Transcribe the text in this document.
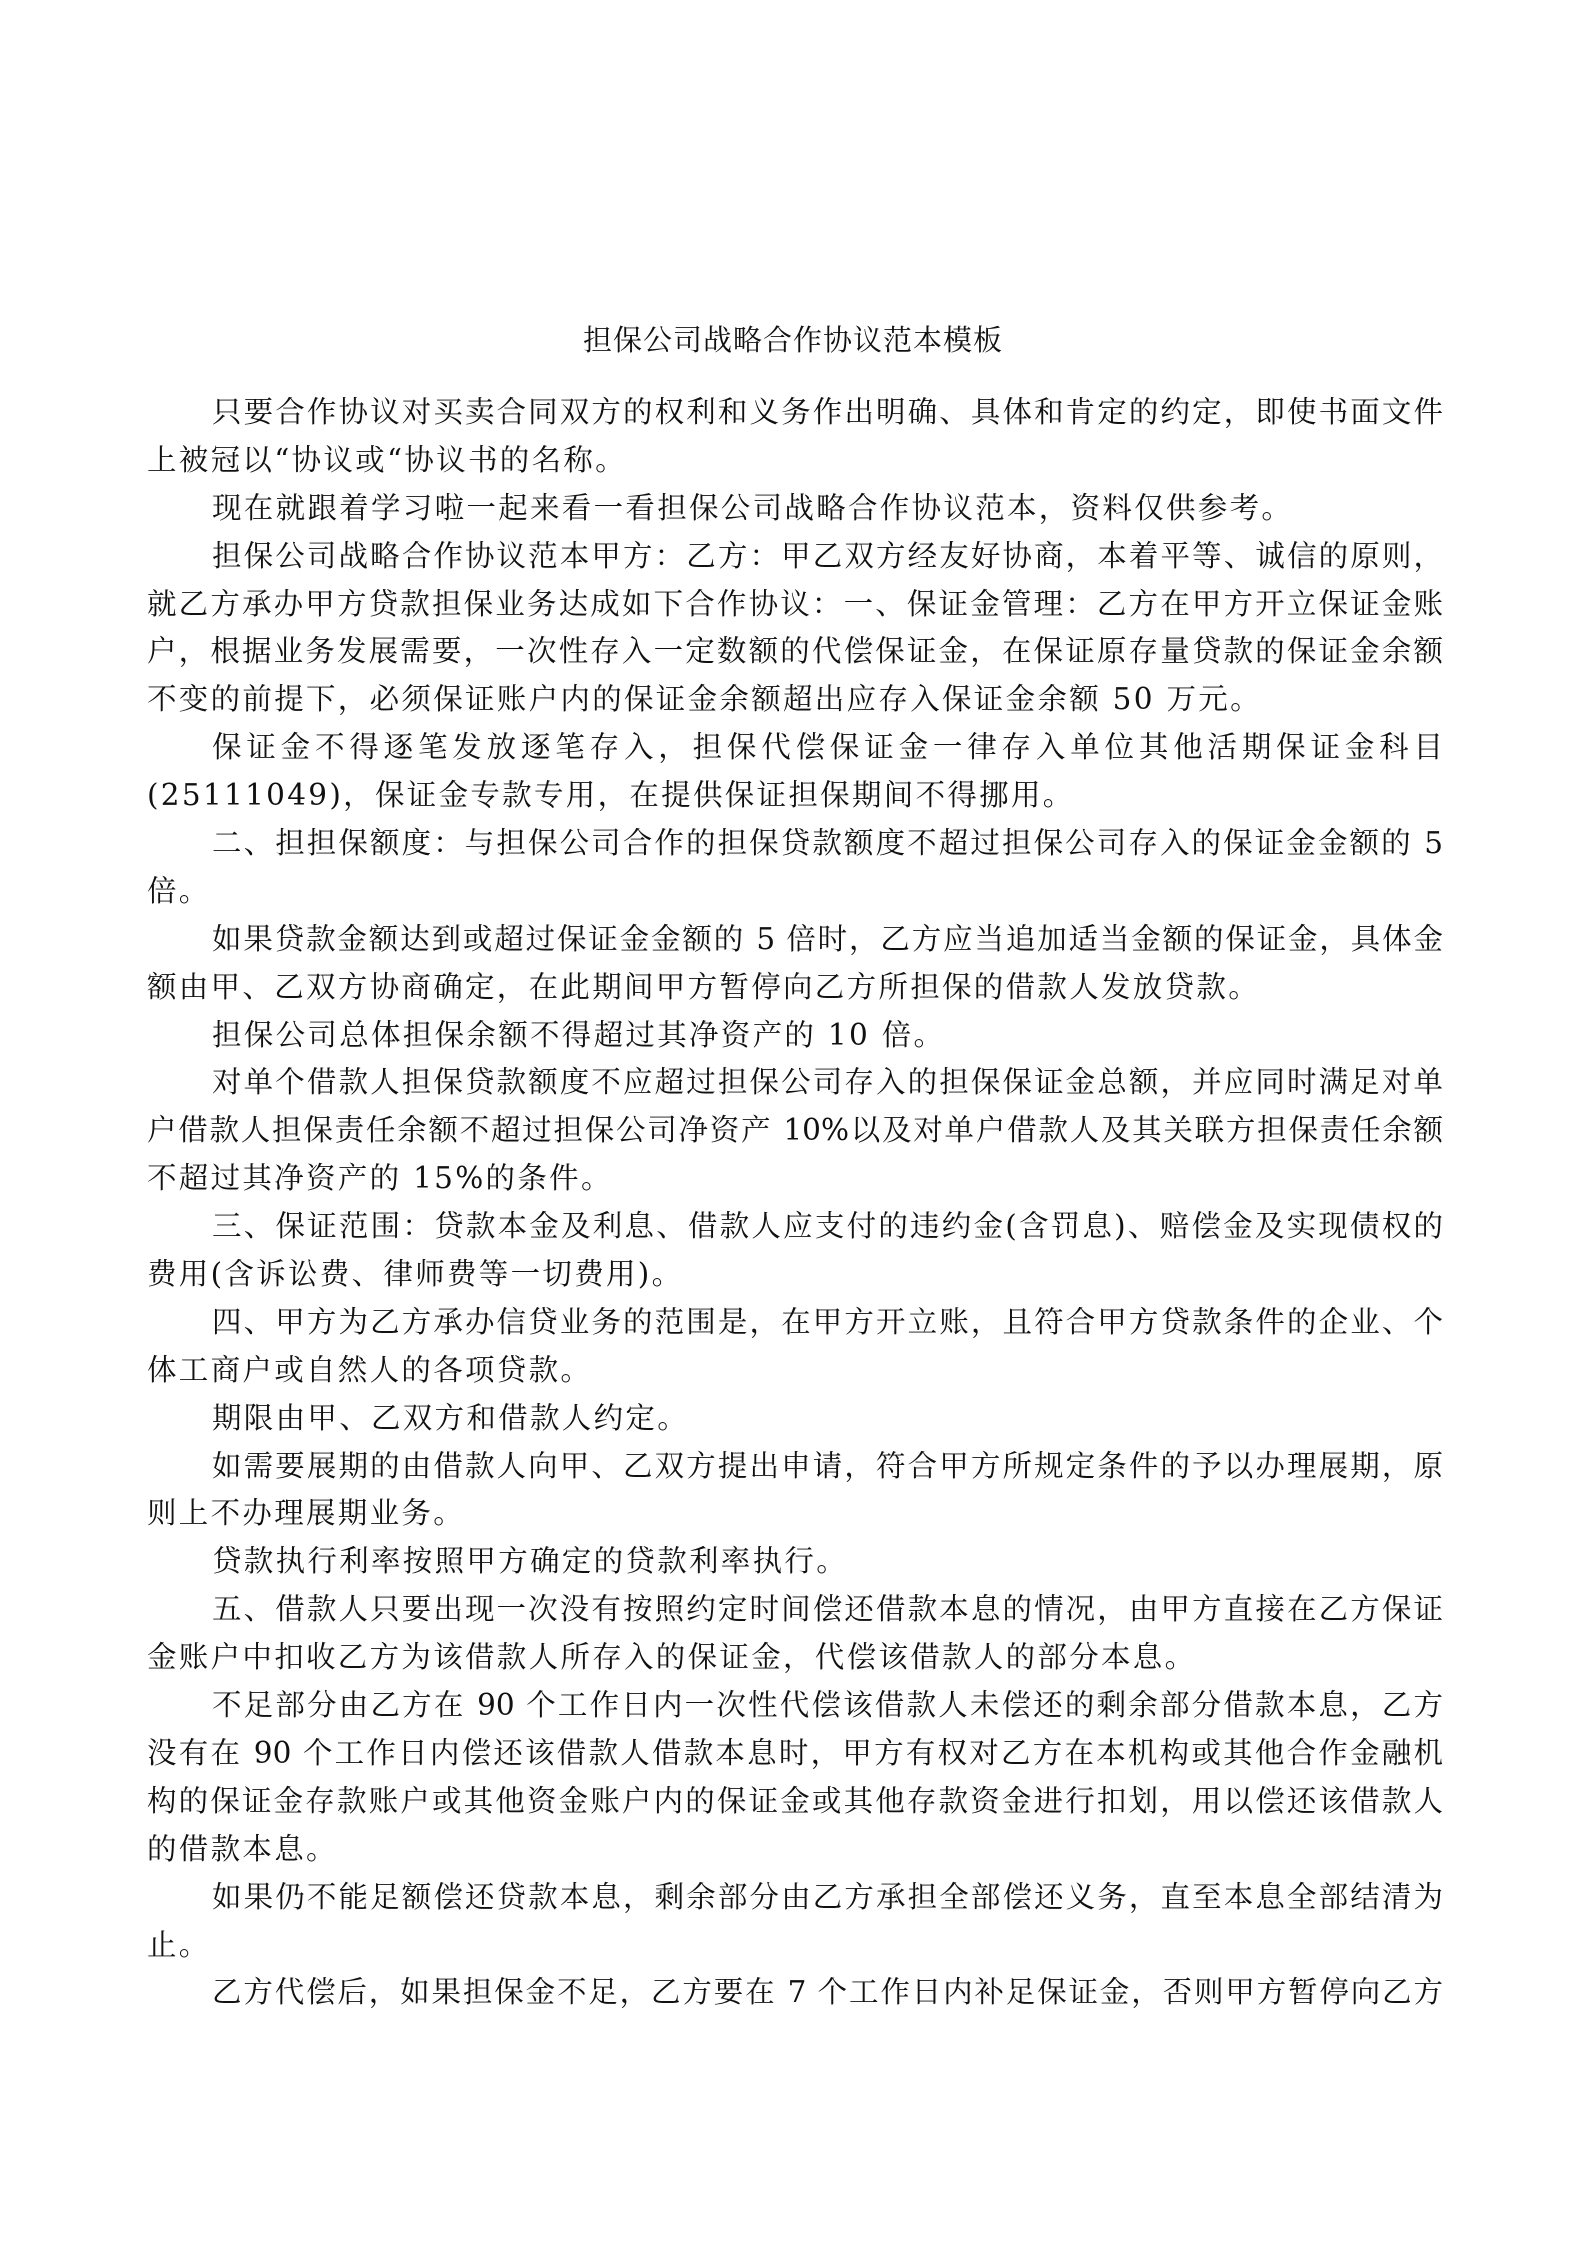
担保公司战略合作协议范本模板
只要合作协议对买卖合同双方的权利和义务作出明确、具体和肯定的约定，即使书面文件
上被冠以“协议或“协议书的名称。
现在就跟着学习啦一起来看一看担保公司战略合作协议范本，资料仅供参考。
担保公司战略合作协议范本甲方：乙方：甲乙双方经友好协商，本着平等、诚信的原则，
就乙方承办甲方贷款担保业务达成如下合作协议：一、保证金管理：乙方在甲方开立保证金账
户，根据业务发展需要，一次性存入一定数额的代偿保证金，在保证原存量贷款的保证金余额
不变的前提下，必须保证账户内的保证金余额超出应存入保证金余额 50 万元。
保证金不得逐笔发放逐笔存入，担保代偿保证金一律存入单位其他活期保证金科目
(25111049)，保证金专款专用，在提供保证担保期间不得挪用。
二、担担保额度：与担保公司合作的担保贷款额度不超过担保公司存入的保证金金额的 5
倍。
如果贷款金额达到或超过保证金金额的 5 倍时，乙方应当追加适当金额的保证金，具体金
额由甲、乙双方协商确定，在此期间甲方暂停向乙方所担保的借款人发放贷款。
担保公司总体担保余额不得超过其净资产的 10 倍。
对单个借款人担保贷款额度不应超过担保公司存入的担保保证金总额，并应同时满足对单
户借款人担保责任余额不超过担保公司净资产 10%以及对单户借款人及其关联方担保责任余额
不超过其净资产的 15%的条件。
三、保证范围：贷款本金及利息、借款人应支付的违约金(含罚息)、赔偿金及实现债权的
费用(含诉讼费、律师费等一切费用)。
四、甲方为乙方承办信贷业务的范围是，在甲方开立账，且符合甲方贷款条件的企业、个
体工商户或自然人的各项贷款。
期限由甲、乙双方和借款人约定。
如需要展期的由借款人向甲、乙双方提出申请，符合甲方所规定条件的予以办理展期，原
则上不办理展期业务。
贷款执行利率按照甲方确定的贷款利率执行。
五、借款人只要出现一次没有按照约定时间偿还借款本息的情况，由甲方直接在乙方保证
金账户中扣收乙方为该借款人所存入的保证金，代偿该借款人的部分本息。
不足部分由乙方在 90 个工作日内一次性代偿该借款人未偿还的剩余部分借款本息，乙方
没有在 90 个工作日内偿还该借款人借款本息时，甲方有权对乙方在本机构或其他合作金融机
构的保证金存款账户或其他资金账户内的保证金或其他存款资金进行扣划，用以偿还该借款人
的借款本息。
如果仍不能足额偿还贷款本息，剩余部分由乙方承担全部偿还义务，直至本息全部结清为
止。
乙方代偿后，如果担保金不足，乙方要在 7 个工作日内补足保证金，否则甲方暂停向乙方
